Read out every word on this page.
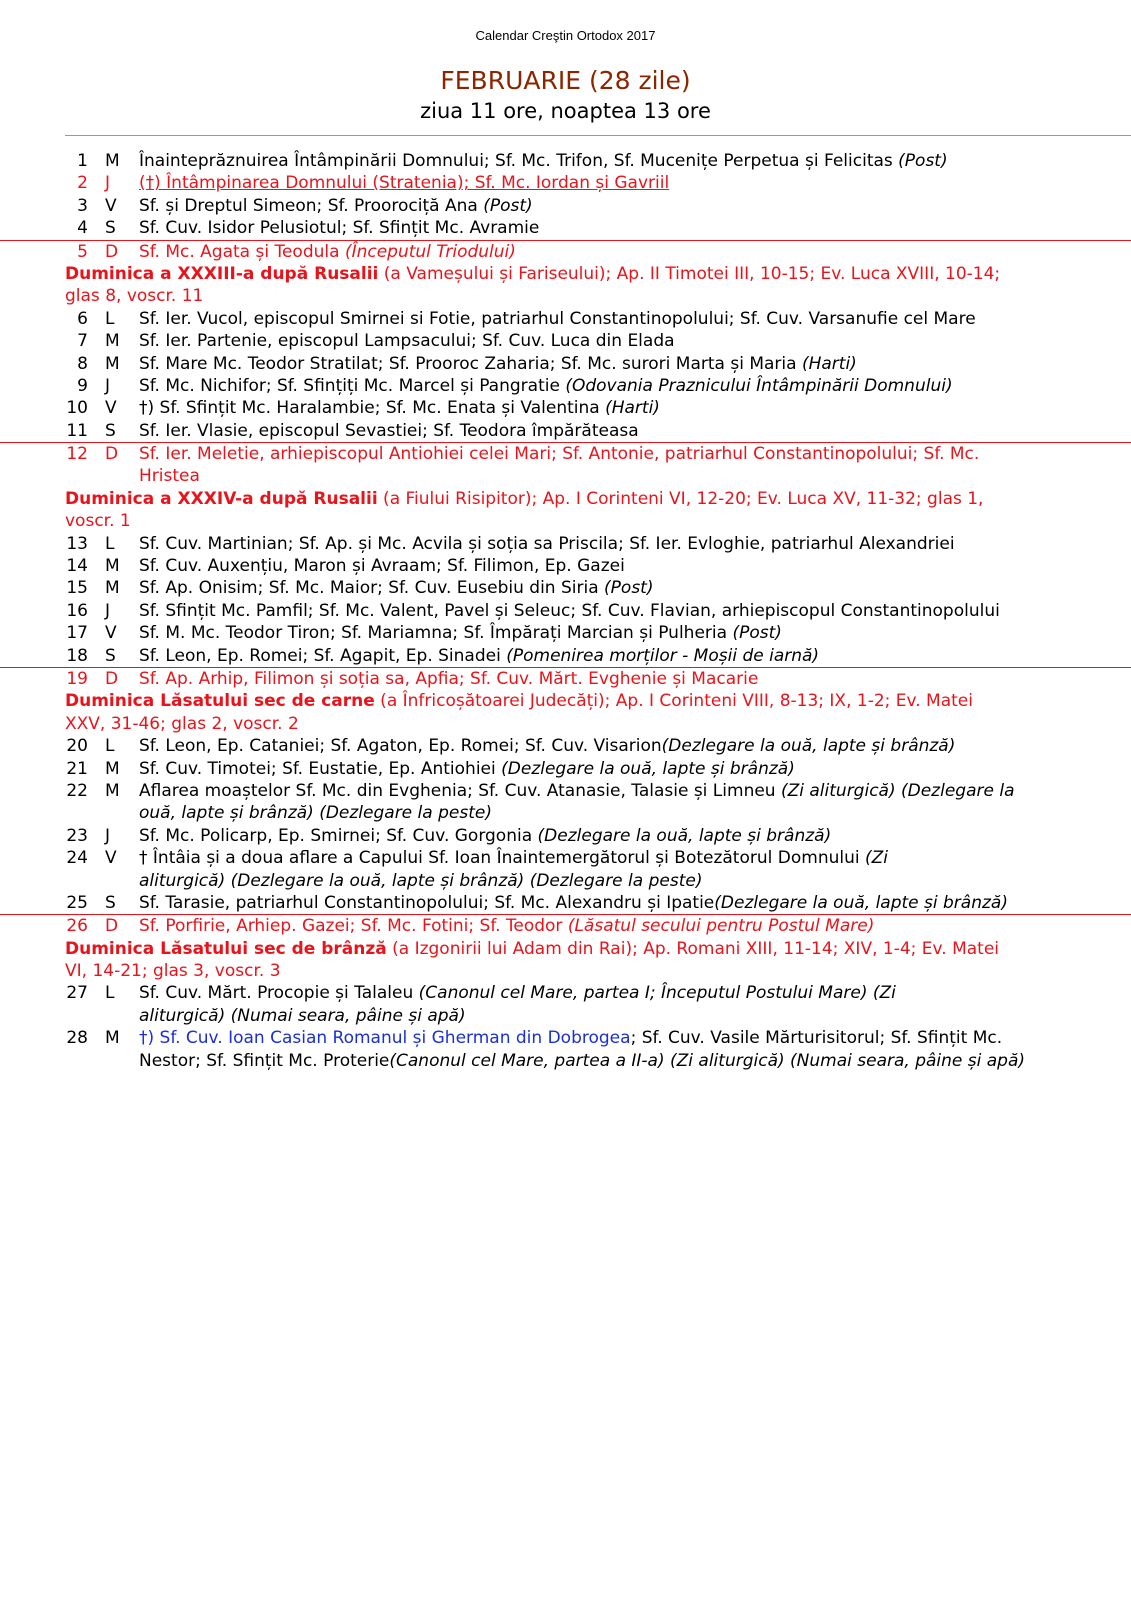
Calendar Creştin Ortodox 2017
FEBRUARIE (28 zile)
ziua 11 ore, noaptea 13 ore
1 M	Înainteprăznuirea Întâmpinării Domnului; Sf. Mc. Trifon, Sf. Mucenițe Perpetua și Felicitas (Post)
2 J	(†) Întâmpinarea Domnului (Stratenia); Sf. Mc. Iordan și Gavriil
3 V	Sf. și Dreptul Simeon; Sf. Proorociță Ana (Post)
4 S	Sf. Cuv. Isidor Pelusiotul; Sf. Sfințit Mc. Avramie
5 D	Sf. Mc. Agata și Teodula (Începutul Triodului)
Duminica a XXXIII-a după Rusalii (a Vameșului și Fariseului); Ap. II Timotei III, 10-15; Ev. Luca XVIII, 10-14;
glas 8, voscr. 11
6 L	Sf. Ier. Vucol, episcopul Smirnei si Fotie, patriarhul Constantinopolului; Sf. Cuv. Varsanufie cel Mare
7 M	Sf. Ier. Partenie, episcopul Lampsacului; Sf. Cuv. Luca din Elada
8 M	Sf. Mare Mc. Teodor Stratilat; Sf. Prooroc Zaharia; Sf. Mc. surori Marta și Maria (Harti)
9 J	Sf. Mc. Nichifor; Sf. Sfințiți Mc. Marcel și Pangratie (Odovania Praznicului Întâmpinării Domnului)
10 V	†) Sf. Sfințit Mc. Haralambie; Sf. Mc. Enata și Valentina (Harti)
11 S	Sf. Ier. Vlasie, episcopul Sevastiei; Sf. Teodora împărăteasa
12 D	Sf. Ier. Meletie, arhiepiscopul Antiohiei celei Mari; Sf. Antonie, patriarhul Constantinopolului; Sf. Mc.
Hristea
Duminica a XXXIV-a după Rusalii (a Fiului Risipitor); Ap. I Corinteni VI, 12-20; Ev. Luca XV, 11-32; glas 1,
voscr. 1
13 L	Sf. Cuv. Martinian; Sf. Ap. și Mc. Acvila și soția sa Priscila; Sf. Ier. Evloghie, patriarhul Alexandriei
14 M	Sf. Cuv. Auxențiu, Maron și Avraam; Sf. Filimon, Ep. Gazei
15 M	Sf. Ap. Onisim; Sf. Mc. Maior; Sf. Cuv. Eusebiu din Siria (Post)
16 J	Sf. Sfințit Mc. Pamfil; Sf. Mc. Valent, Pavel și Seleuc; Sf. Cuv. Flavian, arhiepiscopul Constantinopolului
17 V	Sf. M. Mc. Teodor Tiron; Sf. Mariamna; Sf. Împărați Marcian și Pulheria (Post)
18 S	Sf. Leon, Ep. Romei; Sf. Agapit, Ep. Sinadei (Pomenirea morților - Moșii de iarnă)
19 D	Sf. Ap. Arhip, Filimon și soția sa, Apfia; Sf. Cuv. Mărt. Evghenie și Macarie
Duminica Lăsatului sec de carne (a Înfricoșătoarei Judecăți); Ap. I Corinteni VIII, 8-13; IX, 1-2; Ev. Matei
XXV, 31-46; glas 2, voscr. 2
20 L	Sf. Leon, Ep. Cataniei; Sf. Agaton, Ep. Romei; Sf. Cuv. Visarion(Dezlegare la ouă, lapte și brânză)
21 M	Sf. Cuv. Timotei; Sf. Eustatie, Ep. Antiohiei (Dezlegare la ouă, lapte și brânză)
22 M	Aflarea moaștelor Sf. Mc. din Evghenia; Sf. Cuv. Atanasie, Talasie și Limneu (Zi aliturgică) (Dezlegare la
ouă, lapte și brânză) (Dezlegare la peste)
23 J	Sf. Mc. Policarp, Ep. Smirnei; Sf. Cuv. Gorgonia (Dezlegare la ouă, lapte și brânză)
24 V	† Întâia și a doua aflare a Capului Sf. Ioan Înaintemergătorul și Botezătorul Domnului (Zi
aliturgică) (Dezlegare la ouă, lapte și brânză) (Dezlegare la peste)
25 S	Sf. Tarasie, patriarhul Constantinopolului; Sf. Mc. Alexandru și Ipatie(Dezlegare la ouă, lapte și brânză)
26 D	Sf. Porfirie, Arhiep. Gazei; Sf. Mc. Fotini; Sf. Teodor (Lăsatul secului pentru Postul Mare)
Duminica Lăsatului sec de brânză (a Izgonirii lui Adam din Rai); Ap. Romani XIII, 11-14; XIV, 1-4; Ev. Matei
VI, 14-21; glas 3, voscr. 3
27 L	Sf. Cuv. Mărt. Procopie și Talaleu (Canonul cel Mare, partea I; Începutul Postului Mare) (Zi
aliturgică) (Numai seara, pâine și apă)
28 M	†) Sf. Cuv. Ioan Casian Romanul și Gherman din Dobrogea; Sf. Cuv. Vasile Mărturisitorul; Sf. Sfințit Mc.
Nestor; Sf. Sfințit Mc. Proterie(Canonul cel Mare, partea a II-a) (Zi aliturgică) (Numai seara, pâine și apă)
